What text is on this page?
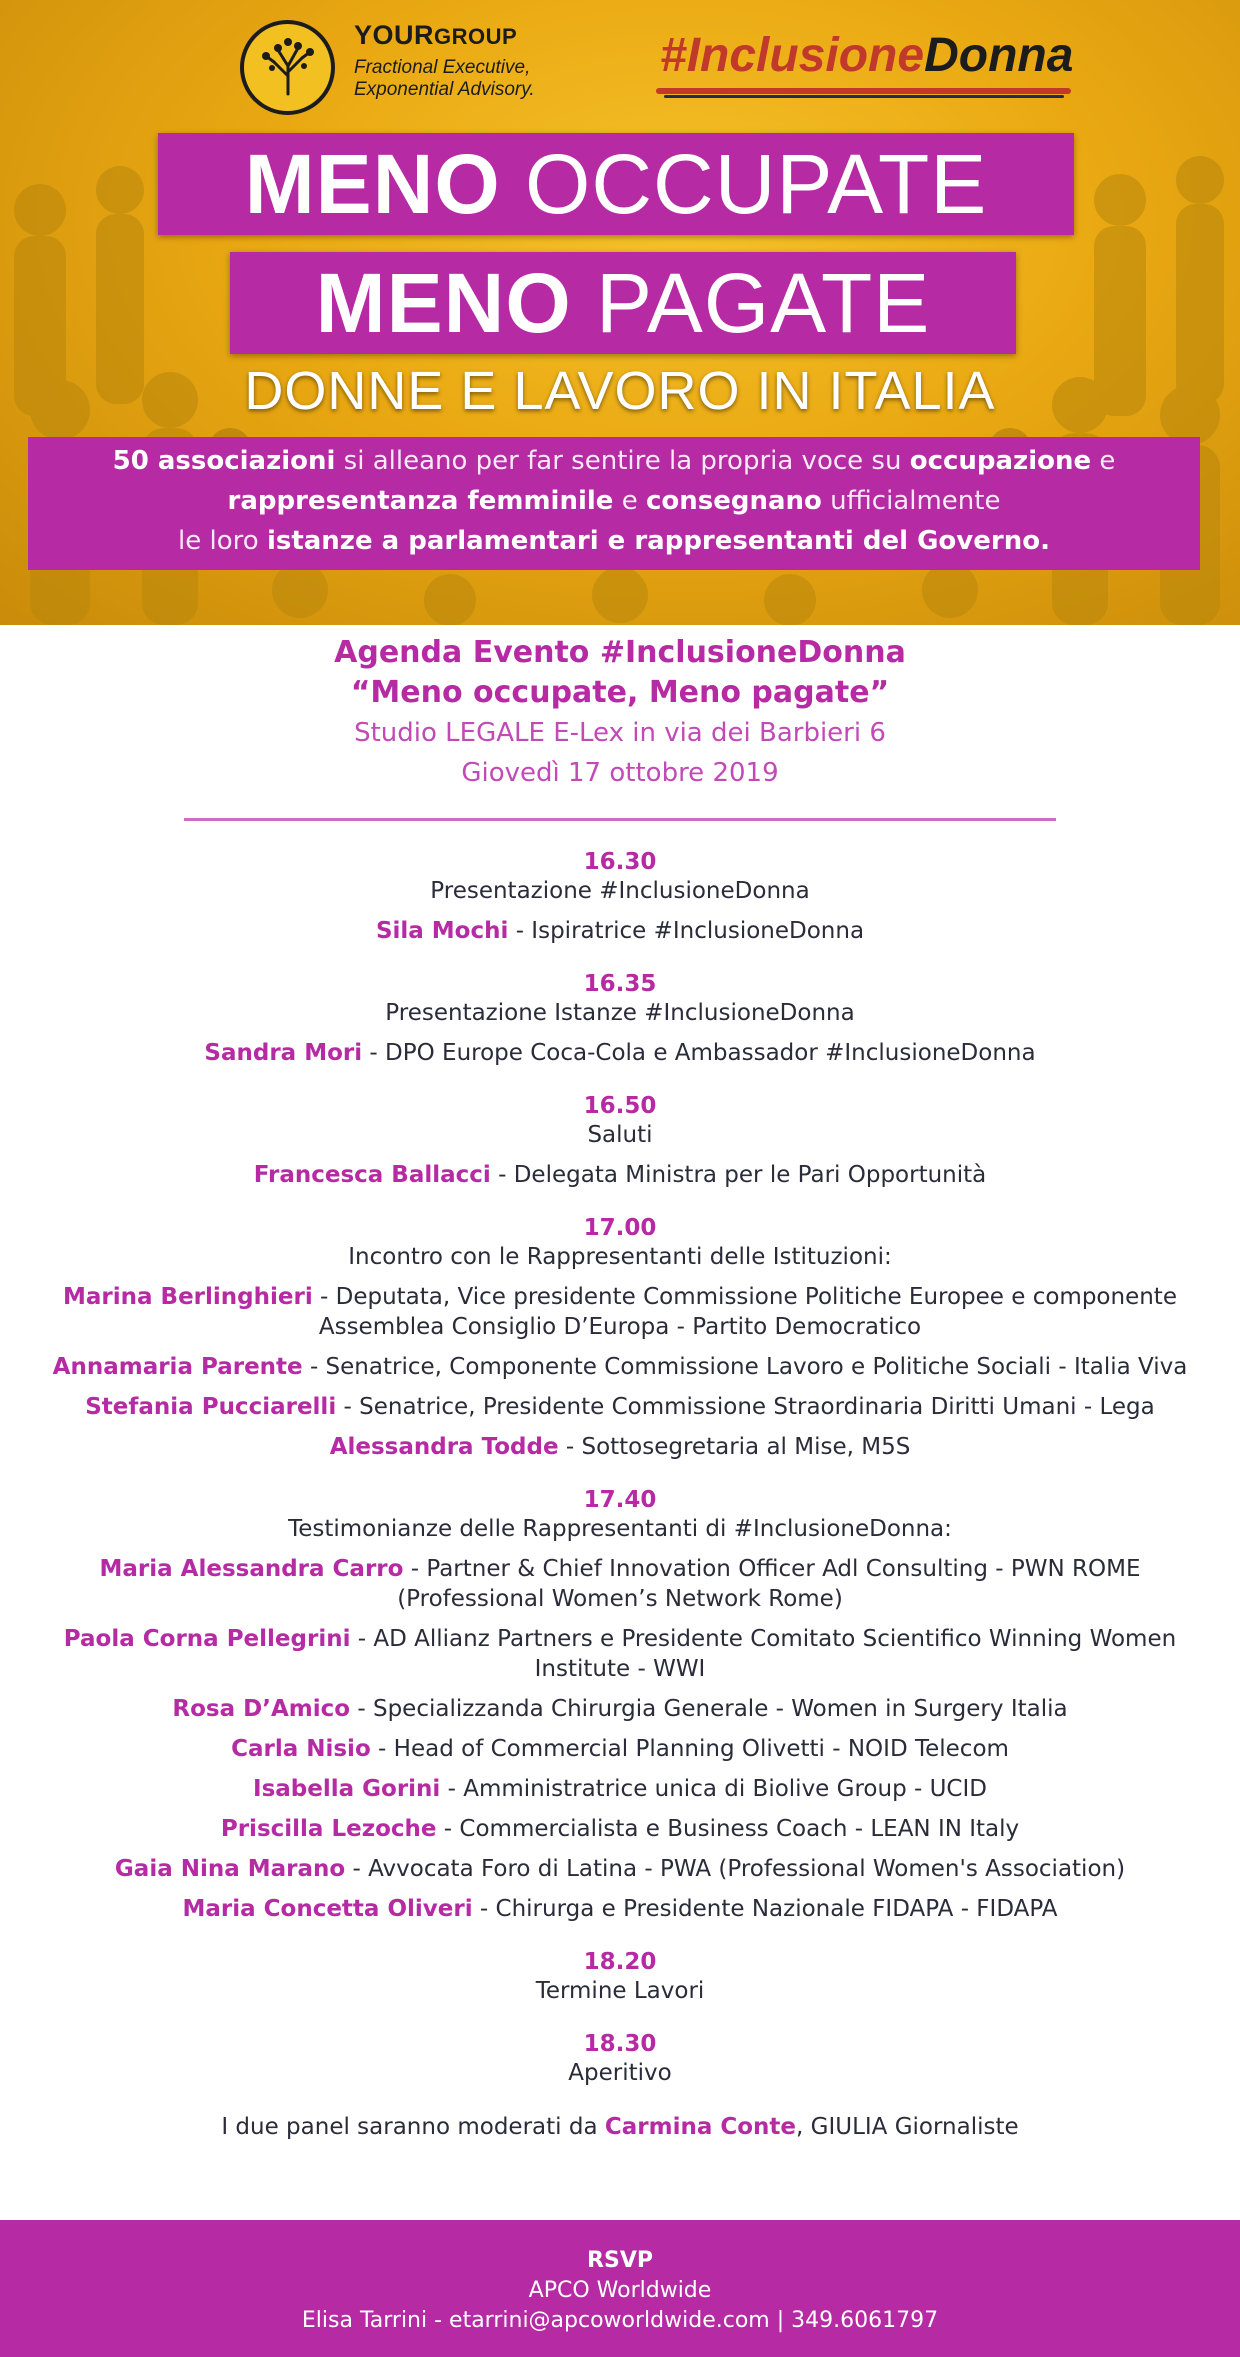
YOURGROUP
Fractional Executive,
Exponential Advisory.
#InclusioneDonna
MENO OCCUPATE
MENO PAGATE
DONNE E LAVORO IN ITALIA
50 associazioni si alleano per far sentire la propria voce su occupazione e
rappresentanza femminile e consegnano ufficialmente
le loro istanze a parlamentari e rappresentanti del Governo.
Agenda Evento #InclusioneDonna
“Meno occupate, Meno pagate”
Studio LEGALE E-Lex in via dei Barbieri 6
Giovedì 17 ottobre 2019
16.30
Presentazione #InclusioneDonna
Sila Mochi - Ispiratrice #InclusioneDonna
16.35
Presentazione Istanze #InclusioneDonna
Sandra Mori - DPO Europe Coca-Cola e Ambassador #InclusioneDonna
16.50
Saluti
Francesca Ballacci - Delegata Ministra per le Pari Opportunità
17.00
Incontro con le Rappresentanti delle Istituzioni:
Marina Berlinghieri - Deputata, Vice presidente Commissione Politiche Europee e componente Assemblea Consiglio D’Europa - Partito Democratico
Annamaria Parente - Senatrice, Componente Commissione Lavoro e Politiche Sociali - Italia Viva
Stefania Pucciarelli - Senatrice, Presidente Commissione Straordinaria Diritti Umani - Lega
Alessandra Todde - Sottosegretaria al Mise, M5S
17.40
Testimonianze delle Rappresentanti di #InclusioneDonna:
Maria Alessandra Carro - Partner & Chief Innovation Officer Adl Consulting - PWN ROME (Professional Women’s Network Rome)
Paola Corna Pellegrini - AD Allianz Partners e Presidente Comitato Scientifico Winning Women Institute - WWI
Rosa D’Amico - Specializzanda Chirurgia Generale - Women in Surgery Italia
Carla Nisio - Head of Commercial Planning Olivetti - NOID Telecom
Isabella Gorini - Amministratrice unica di Biolive Group - UCID
Priscilla Lezoche - Commercialista e Business Coach - LEAN IN Italy
Gaia Nina Marano - Avvocata Foro di Latina - PWA (Professional Women's Association)
Maria Concetta Oliveri - Chirurga e Presidente Nazionale FIDAPA - FIDAPA
18.20
Termine Lavori
18.30
Aperitivo
I due panel saranno moderati da Carmina Conte, GIULIA Giornaliste
RSVP
APCO Worldwide
Elisa Tarrini - etarrini@apcoworldwide.com | 349.6061797
